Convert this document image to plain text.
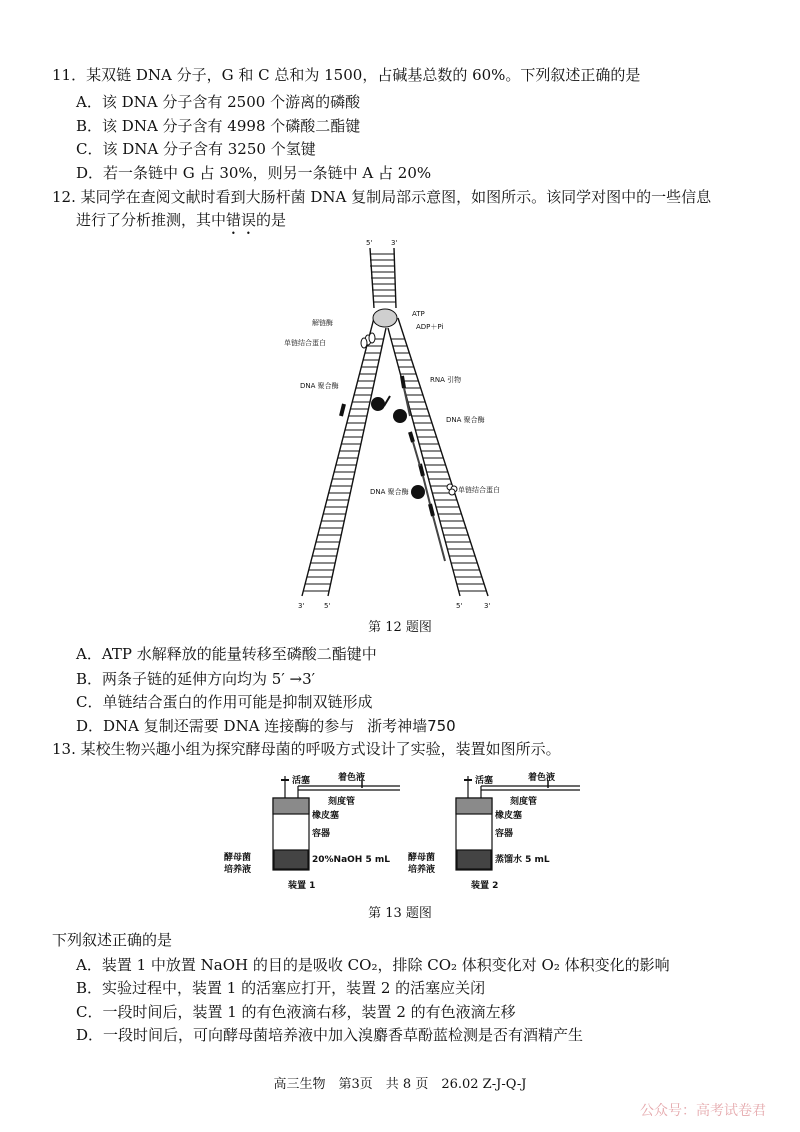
11．某双链 DNA 分子，G 和 C 总和为 1500，占碱基总数的 60%。下列叙述正确的是
A．该 DNA 分子含有 2500 个游离的磷酸
B．该 DNA 分子含有 4998 个磷酸二酯键
C．该 DNA 分子含有 3250 个氢键
D．若一条链中 G 占 30%，则另一条链中 A 占 20%
12. 某同学在查阅文献时看到大肠杆菌 DNA 复制局部示意图，如图所示。该同学对图中的一些信息
进行了分析推测，其中错误的是
5'	3'
解链酶
ATP
ADP＋Pi
单链结合蛋白
RNA 引物
DNA 聚合酶
DNA 聚合酶
DNA 聚合酶	单链结合蛋白
3'	5'	5'	3'
第 12 题图
A．ATP 水解释放的能量转移至磷酸二酯键中
B．两条子链的延伸方向均为 5′ →3′
C．单链结合蛋白的作用可能是抑制双链形成
D．DNA 复制还需要 DNA 连接酶的参与 浙考神墙750
13. 某校生物兴趣小组为探究酵母菌的呼吸方式设计了实验，装置如图所示。
活塞	着色液
刻度管
橡皮塞
容器
20%NaOH 5 mL
酵母菌培养液
装置 1
活塞	着色液
刻度管
橡皮塞
容器
蒸馏水 5 mL
酵母菌培养液
装置 2
第 13 题图
下列叙述正确的是
A．装置 1 中放置 NaOH 的目的是吸收 CO₂，排除 CO₂ 体积变化对 O₂ 体积变化的影响
B．实验过程中，装置 1 的活塞应打开，装置 2 的活塞应关闭
C．一段时间后，装置 1 的有色液滴右移，装置 2 的有色液滴左移
D．一段时间后，可向酵母菌培养液中加入溴麝香草酚蓝检测是否有酒精产生
高三生物　第3页　共 8 页　26.02 Z-J-Q-J
公众号：高考试卷君
